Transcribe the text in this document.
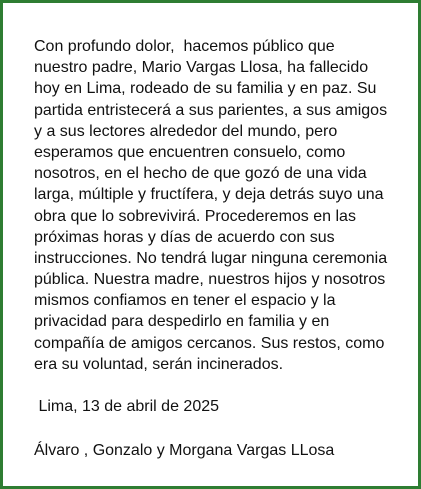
Con profundo dolor,  hacemos público que
nuestro padre, Mario Vargas Llosa, ha fallecido
hoy en Lima, rodeado de su familia y en paz. Su
partida entristecerá a sus parientes, a sus amigos
y a sus lectores alrededor del mundo, pero
esperamos que encuentren consuelo, como
nosotros, en el hecho de que gozó de una vida
larga, múltiple y fructífera, y deja detrás suyo una
obra que lo sobrevivirá. Procederemos en las
próximas horas y días de acuerdo con sus
instrucciones. No tendrá lugar ninguna ceremonia
pública. Nuestra madre, nuestros hijos y nosotros
mismos confiamos en tener el espacio y la
privacidad para despedirlo en familia y en
compañía de amigos cercanos. Sus restos, como
era su voluntad, serán incinerados.
Lima, 13 de abril de 2025
Álvaro , Gonzalo y Morgana Vargas LLosa
